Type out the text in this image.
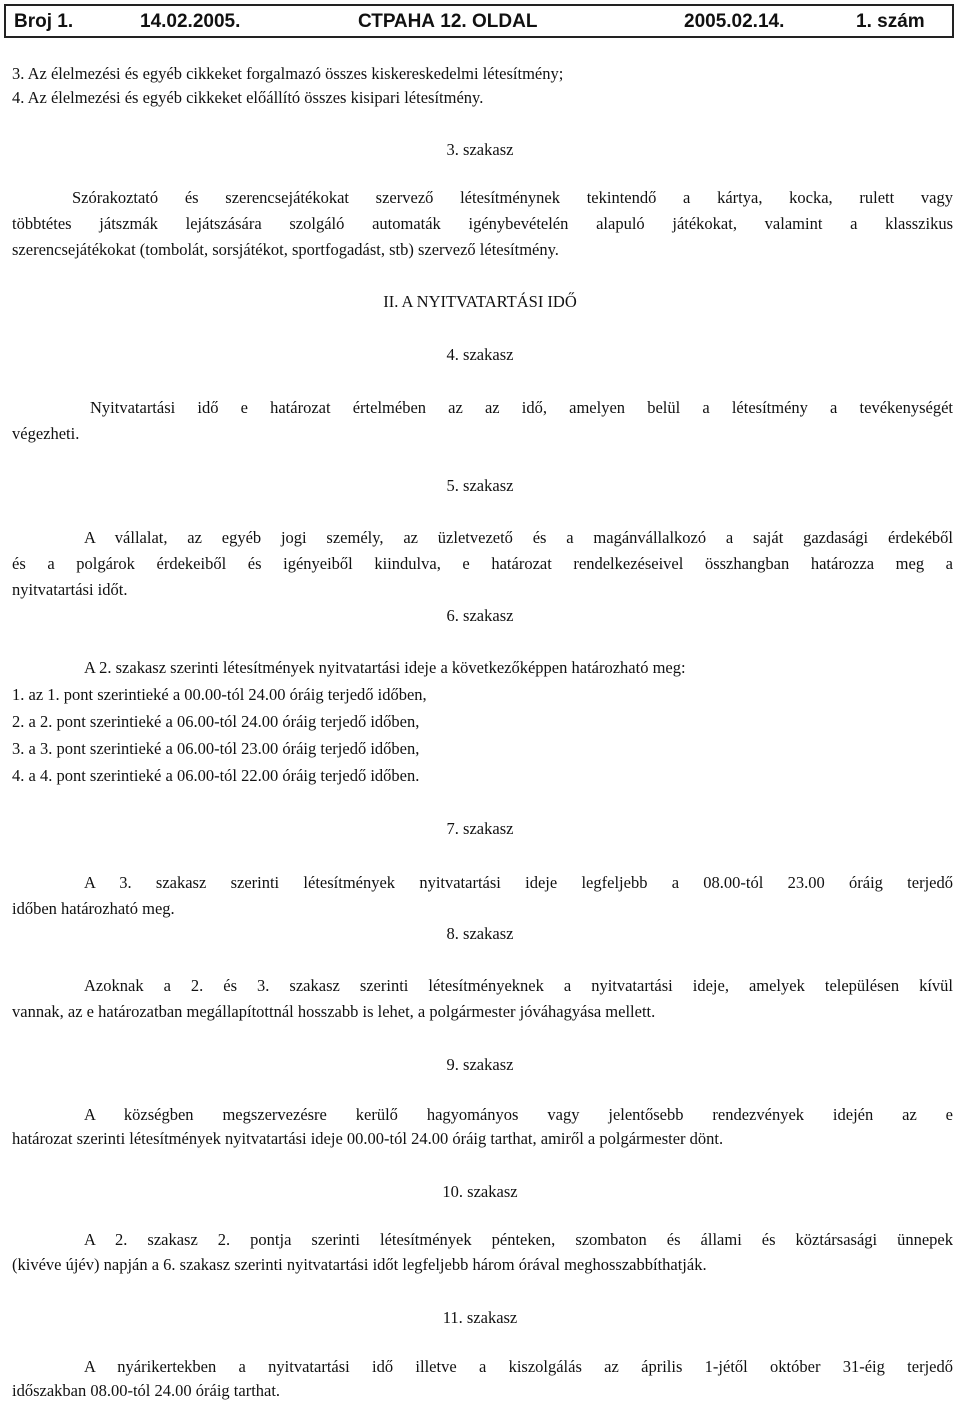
Broj 1.	14.02.2005.	СТРАНА 12. OLDAL	2005.02.14.	1. szám
3. Az élelmezési és egyéb cikkeket forgalmazó összes kiskereskedelmi létesítmény;
4. Az élelmezési és egyéb cikkeket előállító összes kisipari létesítmény.
3. szakasz
Szórakoztató és szerencsejátékokat szervező létesítménynek tekintendő a kártya, kocka, rulett vagy
többtétes játszmák lejátszására szolgáló automaták igénybevételén alapuló játékokat, valamint a klasszikus
szerencsejátékokat (tombolát, sorsjátékot, sportfogadást, stb) szervező létesítmény.
II. A NYITVATARTÁSI IDŐ
4. szakasz
Nyitvatartási idő e határozat értelmében az az idő, amelyen belül a létesítmény a tevékenységét
végezheti.
5. szakasz
A vállalat, az egyéb jogi személy, az üzletvezető és a magánvállalkozó a saját gazdasági érdekéből
és a polgárok érdekeiből és igényeiből kiindulva, e határozat rendelkezéseivel összhangban határozza meg a
nyitvatartási időt.
6. szakasz
A 2. szakasz szerinti létesítmények nyitvatartási ideje a következőképpen határozható meg:
1. az 1. pont szerintieké a 00.00-tól 24.00 óráig terjedő időben,
2. a 2. pont szerintieké a 06.00-tól 24.00 óráig terjedő időben,
3. a 3. pont szerintieké a 06.00-tól 23.00 óráig terjedő időben,
4. a 4. pont szerintieké a 06.00-tól 22.00 óráig terjedő időben.
7. szakasz
A 3. szakasz szerinti létesítmények nyitvatartási ideje legfeljebb a 08.00-tól 23.00 óráig terjedő
időben határozható meg.
8. szakasz
Azoknak a 2. és 3. szakasz szerinti létesítményeknek a nyitvatartási ideje, amelyek településen kívül
vannak, az e határozatban megállapítottnál hosszabb is lehet, a polgármester jóváhagyása mellett.
9. szakasz
A községben megszervezésre kerülő hagyományos vagy jelentősebb rendezvények idején az e
határozat szerinti létesítmények nyitvatartási ideje 00.00-tól 24.00 óráig tarthat, amiről a polgármester dönt.
10. szakasz
A 2. szakasz 2. pontja szerinti létesítmények pénteken, szombaton és állami és köztársasági ünnepek
(kivéve újév) napján a 6. szakasz szerinti nyitvatartási időt legfeljebb három órával meghosszabbíthatják.
11. szakasz
A nyárikertekben a nyitvatartási idő illetve a kiszolgálás az április 1-jétől október 31-éig terjedő
időszakban 08.00-tól 24.00 óráig tarthat.
